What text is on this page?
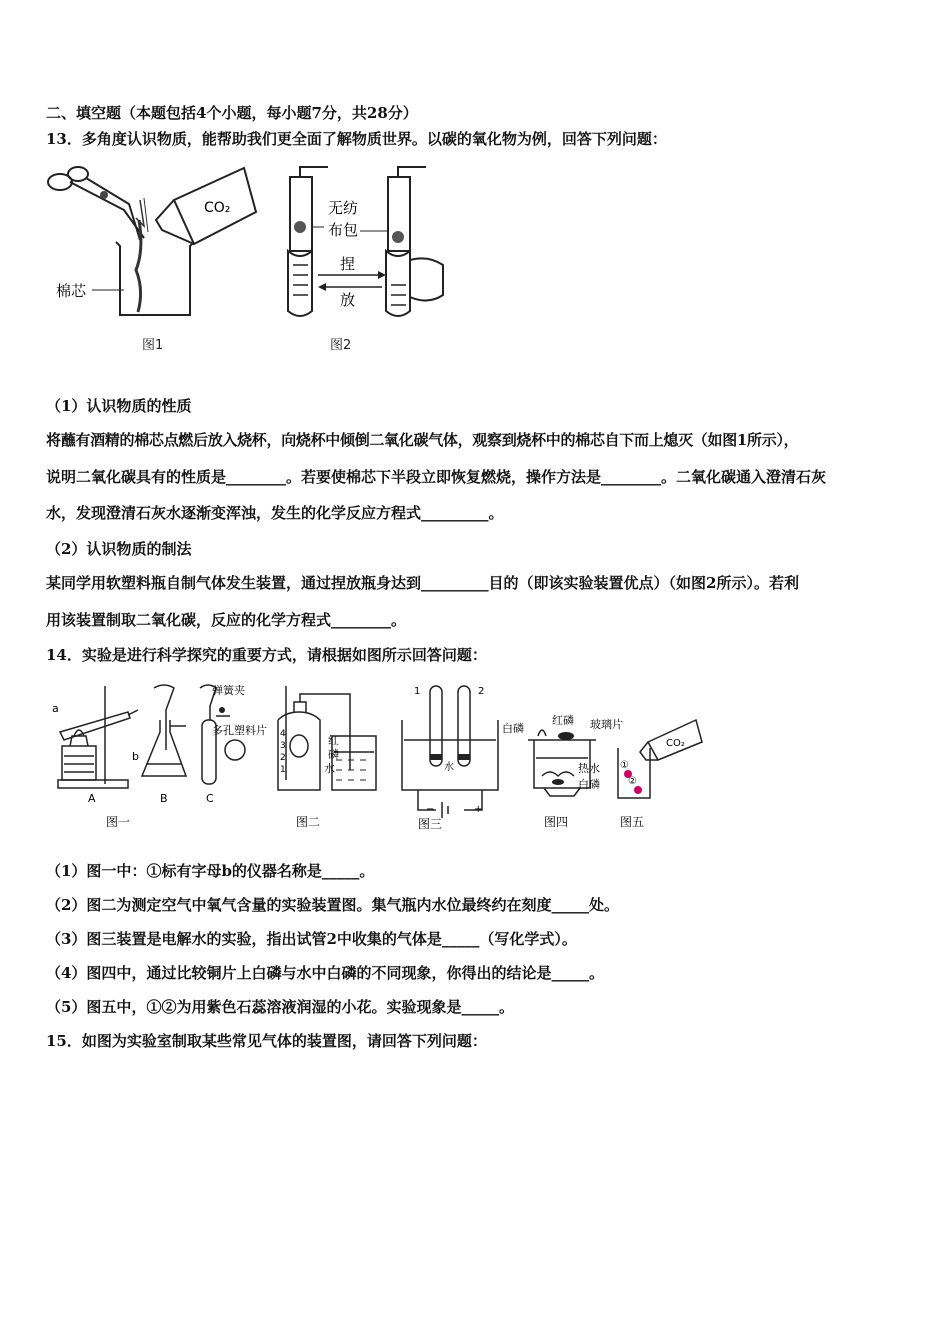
二、填空题（本题包括4个小题，每小题7分，共28分）
13．多角度认识物质，能帮助我们更全面了解物质世界。以碳的氧化物为例，回答下列问题：
CO₂
棉芯
图1
无纺
布包
捏
放
图2
（1）认识物质的性质
将蘸有酒精的棉芯点燃后放入烧杯，向烧杯中倾倒二氧化碳气体，观察到烧杯中的棉芯自下而上熄灭（如图1所示），
说明二氧化碳具有的性质是________。若要使棉芯下半段立即恢复燃烧，操作方法是________。二氧化碳通入澄清石灰
水，发现澄清石灰水逐渐变浑浊，发生的化学反应方程式_________。
（2）认识物质的制法
某同学用软塑料瓶自制气体发生装置，通过捏放瓶身达到_________目的（即该实验装置优点）（如图2所示）。若利
用该装置制取二氧化碳，反应的化学方程式________。
14．实验是进行科学探究的重要方式，请根据如图所示回答问题：
a
A
b
B
弹簧夹
多孔塑料片
C
4
3
2
1
红
磷
水
1	2
水
−	+
白磷
红磷
热水
白磷
玻璃片
CO₂
①
②
图一	图二	图三	图四	图五
（1）图一中：①标有字母b的仪器名称是_____。
（2）图二为测定空气中氧气含量的实验装置图。集气瓶内水位最终约在刻度_____处。
（3）图三装置是电解水的实验，指出试管2中收集的气体是_____（写化学式）。
（4）图四中，通过比较铜片上白磷与水中白磷的不同现象，你得出的结论是_____。
（5）图五中，①②为用紫色石蕊溶液润湿的小花。实验现象是_____。
15．如图为实验室制取某些常见气体的装置图，请回答下列问题：
